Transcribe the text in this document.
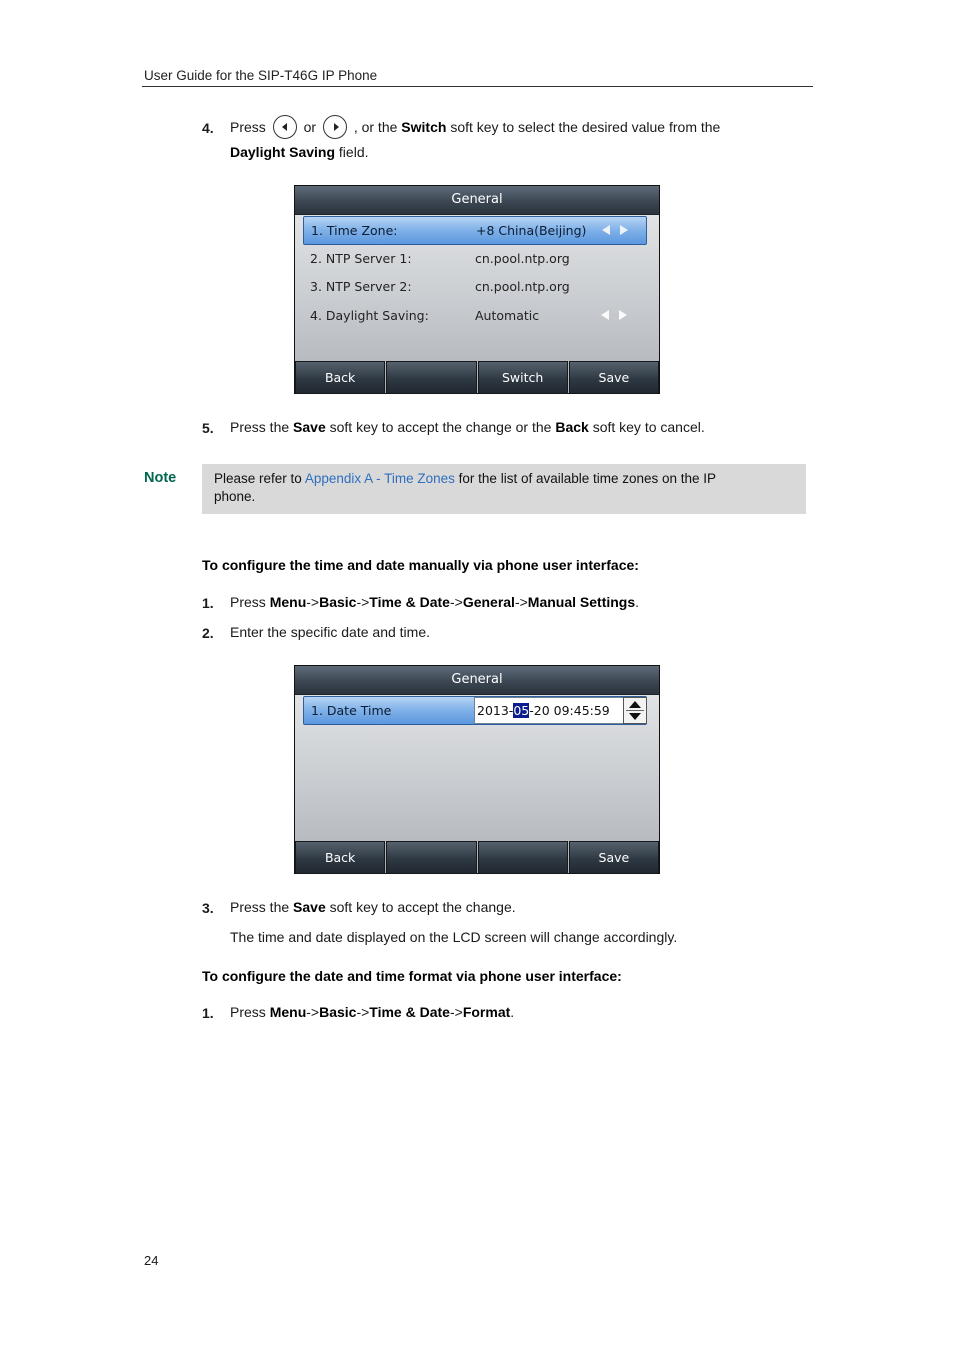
User Guide for the SIP-T46G IP Phone
4. Press	or	, or the Switch soft key to select the desired value from the
Daylight Saving field.
General
1. Time Zone:	+8 China(Beijing)
2. NTP Server 1:	cn.pool.ntp.org
3. NTP Server 2:	cn.pool.ntp.org
4. Daylight Saving:	Automatic
Back	Switch	Save
5. Press the Save soft key to accept the change or the Back soft key to cancel.
Note	Please refer to Appendix A - Time Zones for the list of available time zones on the IP
phone.
To configure the time and date manually via phone user interface:
1. Press Menu->Basic->Time & Date->General->Manual Settings.
2. Enter the specific date and time.
General
1. Date Time	2013-05-20 09:45:59
Back	Save
3. Press the Save soft key to accept the change.
The time and date displayed on the LCD screen will change accordingly.
To configure the date and time format via phone user interface:
1. Press Menu->Basic->Time & Date->Format.
24
